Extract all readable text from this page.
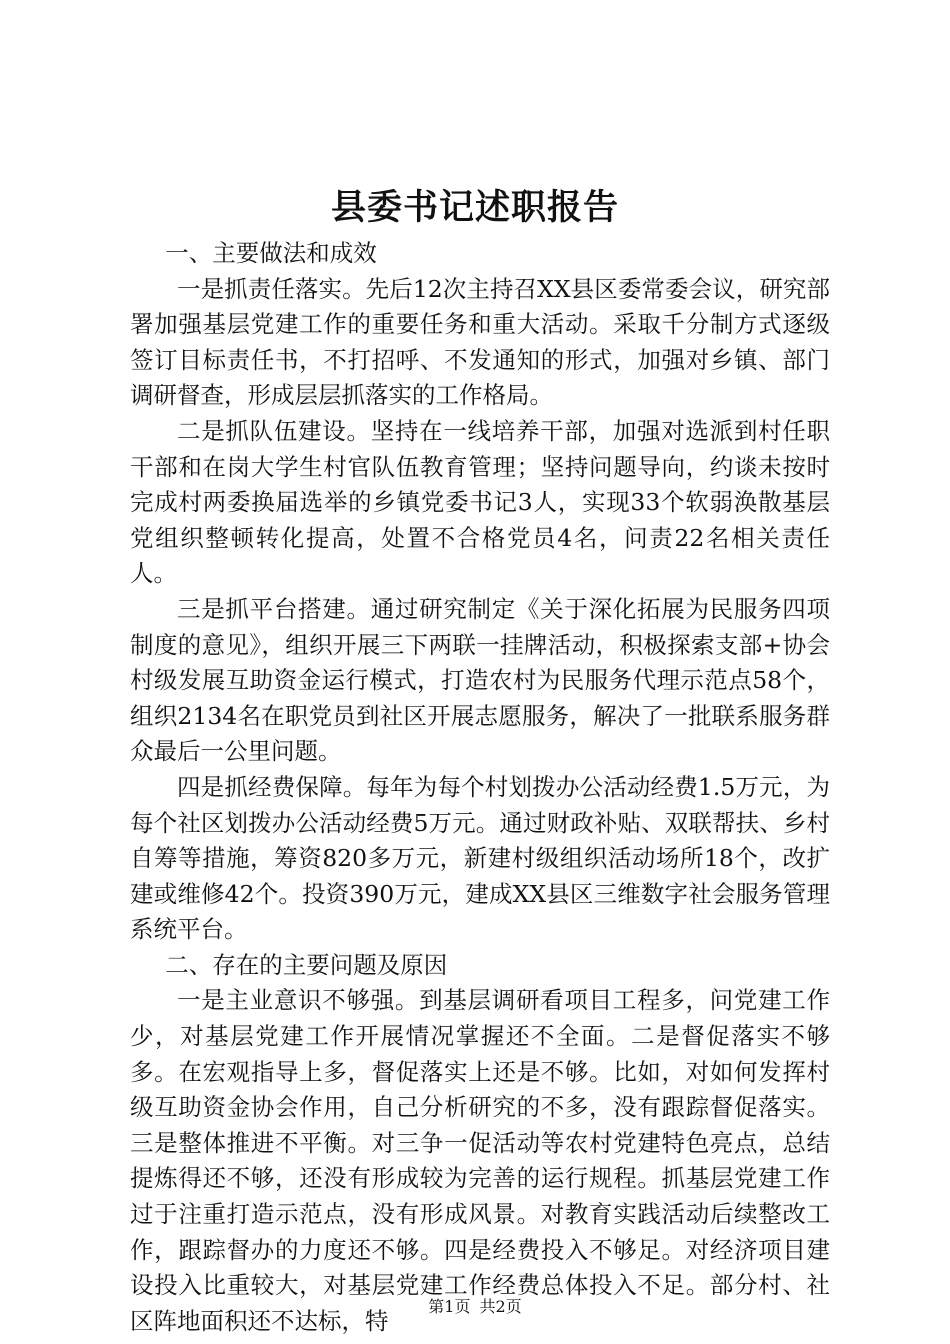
县委书记述职报告

一、主要做法和成效

一是抓责任落实。先后12次主持召XX县区委常委会议，研究部署加强基层党建工作的重要任务和重大活动。采取千分制方式逐级签订目标责任书，不打招呼、不发通知的形式，加强对乡镇、部门调研督查，形成层层抓落实的工作格局。

二是抓队伍建设。坚持在一线培养干部，加强对选派到村任职干部和在岗大学生村官队伍教育管理；坚持问题导向，约谈未按时完成村两委换届选举的乡镇党委书记3人，实现33个软弱涣散基层党组织整顿转化提高，处置不合格党员4名，问责22名相关责任人。

三是抓平台搭建。通过研究制定《关于深化拓展为民服务四项制度的意见》，组织开展三下两联一挂牌活动，积极探索支部+协会村级发展互助资金运行模式，打造农村为民服务代理示范点58个，组织2134名在职党员到社区开展志愿服务，解决了一批联系服务群众最后一公里问题。

四是抓经费保障。每年为每个村划拨办公活动经费1.5万元，为每个社区划拨办公活动经费5万元。通过财政补贴、双联帮扶、乡村自筹等措施，筹资820多万元，新建村级组织活动场所18个，改扩建或维修42个。投资390万元，建成XX县区三维数字社会服务管理系统平台。

二、存在的主要问题及原因

一是主业意识不够强。到基层调研看项目工程多，问党建工作少，对基层党建工作开展情况掌握还不全面。二是督促落实不够多。在宏观指导上多，督促落实上还是不够。比如，对如何发挥村级互助资金协会作用，自己分析研究的不多，没有跟踪督促落实。三是整体推进不平衡。对三争一促活动等农村党建特色亮点，总结提炼得还不够，还没有形成较为完善的运行规程。抓基层党建工作过于注重打造示范点，没有形成风景。对教育实践活动后续整改工作，跟踪督办的力度还不够。四是经费投入不够足。对经济项目建设投入比重较大，对基层党建工作经费总体投入不足。部分村、社区阵地面积还不达标，特

第1页 共2页
